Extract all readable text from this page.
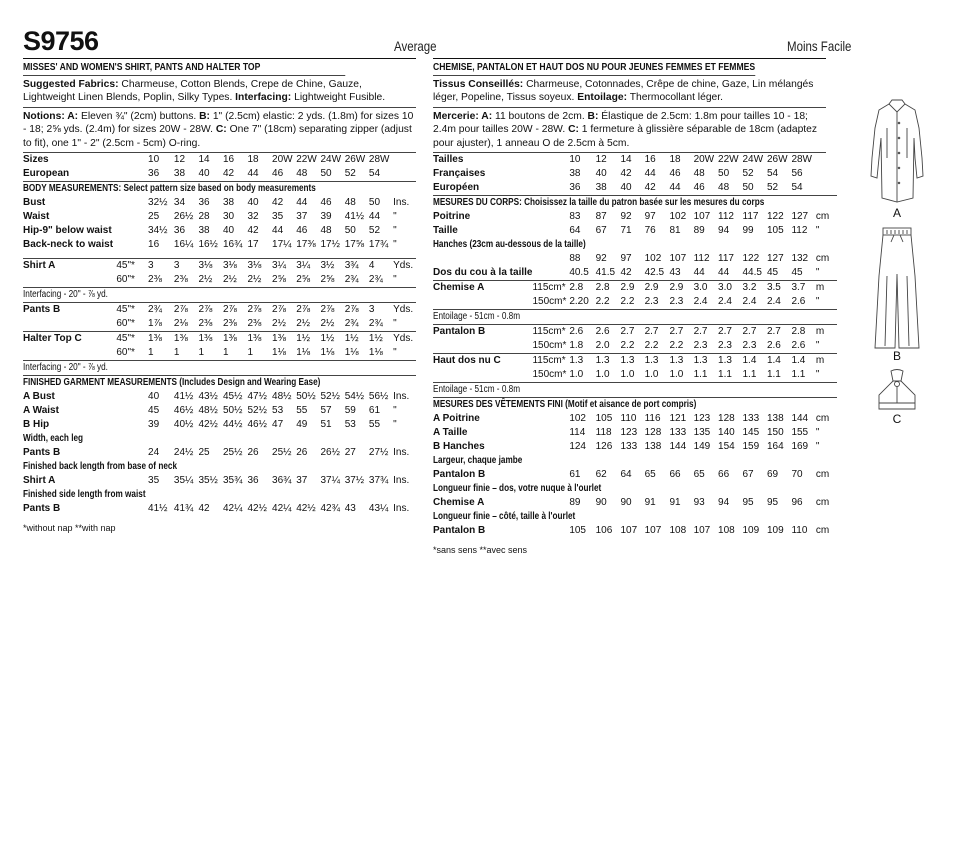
S9756	Average
MISSES' AND WOMEN'S SHIRT, PANTS AND HALTER TOP
Suggested Fabrics: Charmeuse, Cotton Blends, Crepe de Chine, Gauze, Lightweight Linen Blends, Poplin, Silky Types. Interfacing: Lightweight Fusible.
Notions: A: Eleven ¾" (2cm) buttons. B: 1" (2.5cm) elastic: 2 yds. (1.8m) for sizes 10 - 18; 2⅝ yds. (2.4m) for sizes 20W - 28W. C: One 7" (18cm) separating zipper (adjust to fit), one 1" - 2" (2.5cm - 5cm) O-ring.
Sizes		10	12	14	16	18	20W	22W	24W	26W	28W	
European		36	38	40	42	44	46	48	50	52	54	

BODY MEASUREMENTS: Select pattern size based on body measurements												

Bust		32½	34	36	38	40	42	44	46	48	50	Ins.
Waist		25	26½	28	30	32	35	37	39	41½	44	"
Hip-9" below waist		34½	36	38	40	42	44	46	48	50	52	"
Back-neck to waist		16	16¼	16½	16¾	17	17¼	17⅜	17½	17⅝	17¾	"

Shirt A	45"*	3	3	3⅛	3⅛	3⅛	3¼	3¼	3½	3¾	4	Yds.
	60"*	2⅜	2⅜	2½	2½	2½	2⅝	2⅝	2⅝	2¾	2¾	"

Interfacing - 20" - ⅞ yd.												

Pants B	45"*	2¾	2⅞	2⅞	2⅞	2⅞	2⅞	2⅞	2⅞	2⅞	3	Yds.
	60"*	1⅞	2⅛	2⅜	2⅜	2⅜	2½	2½	2½	2¾	2¾	"
Halter Top C	45"*	1⅜	1⅜	1⅜	1⅜	1⅜	1⅜	1½	1½	1½	1½	Yds.
	60"*	1	1	1	1	1	1⅛	1⅛	1⅛	1⅛	1⅛	"

Interfacing - 20" - ⅞ yd.												

FINISHED GARMENT MEASUREMENTS (Includes Design and Wearing Ease)												

A Bust		40	41½	43½	45½	47½	48½	50½	52½	54½	56½	Ins.
A Waist		45	46½	48½	50½	52½	53	55	57	59	61	"
B Hip		39	40½	42½	44½	46½	47	49	51	53	55	"

Width, each leg												

Pants B		24	24½	25	25½	26	25½	26	26½	27	27½	Ins.

Finished back length from base of neck												

Shirt A		35	35¼	35½	35¾	36	36¾	37	37¼	37½	37¾	Ins.

Finished side length from waist												

Pants B		41½	41¾	42	42¼	42½	42¼	42½	42¾	43	43¼	Ins.
*without nap **with nap
Moins Facile
CHEMISE, PANTALON ET HAUT DOS NU POUR JEUNES FEMMES ET FEMMES
Tissus Conseillés: Charmeuse, Cotonnades, Crêpe de chine, Gaze, Lin mélangés léger, Popeline, Tissus soyeux. Entoilage: Thermocollant léger.
Mercerie: A: 11 boutons de 2cm. B: Élastique de 2.5cm: 1.8m pour tailles 10 - 18; 2.4m pour tailles 20W - 28W. C: 1 fermeture à glissière séparable de 18cm (adaptez pour ajuster), 1 anneau O de 2.5cm à 5cm.
Tailles		10	12	14	16	18	20W	22W	24W	26W	28W	
Françaises		38	40	42	44	46	48	50	52	54	56	
Européen		36	38	40	42	44	46	48	50	52	54	

MESURES DU CORPS: Choisissez la taille du patron basée sur les mesures du corps												

Poitrine		83	87	92	97	102	107	112	117	122	127	cm
Taille		64	67	71	76	81	89	94	99	105	112	"

Hanches (23cm au-dessous de la taille)												

		88	92	97	102	107	112	117	122	127	132	cm
Dos du cou à la taille		40.5	41.5	42	42.5	43	44	44	44.5	45	45	"
Chemise A	115cm*	2.8	2.8	2.9	2.9	2.9	3.0	3.0	3.2	3.5	3.7	m
	150cm*	2.20	2.2	2.2	2.3	2.3	2.4	2.4	2.4	2.4	2.6	"

Entoilage - 51cm - 0.8m												

Pantalon B	115cm*	2.6	2.6	2.7	2.7	2.7	2.7	2.7	2.7	2.7	2.8	m
	150cm*	1.8	2.0	2.2	2.2	2.2	2.3	2.3	2.3	2.6	2.6	"
Haut dos nu C	115cm*	1.3	1.3	1.3	1.3	1.3	1.3	1.3	1.4	1.4	1.4	m
	150cm*	1.0	1.0	1.0	1.0	1.0	1.1	1.1	1.1	1.1	1.1	"

Entoilage - 51cm - 0.8m												

MESURES DES VÊTEMENTS FINI (Motif et aisance de port compris)												

A Poitrine		102	105	110	116	121	123	128	133	138	144	cm
A Taille		114	118	123	128	133	135	140	145	150	155	"
B Hanches		124	126	133	138	144	149	154	159	164	169	"

Largeur, chaque jambe												

Pantalon B		61	62	64	65	66	65	66	67	69	70	cm

Longueur finie – dos, votre nuque à l'ourlet												

Chemise A		89	90	90	91	91	93	94	95	95	96	cm

Longueur finie – côté, taille à l'ourlet												

Pantalon B		105	106	107	107	108	107	108	109	109	110	cm
*sans sens **avec sens
A
B
C
